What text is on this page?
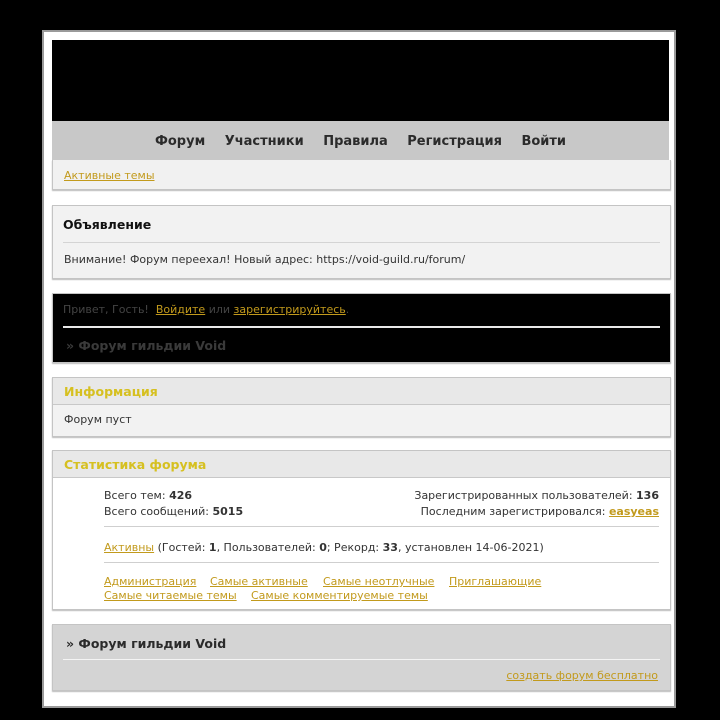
Форум Участники Правила Регистрация Войти
Активные темы
Объявление
Внимание! Форум переехал! Новый адрес: https://void-guild.ru/forum/
Привет, Гость! Войдите или зарегистрируйтесь.
» Форум гильдии Void
Информация
Форум пуст
Статистика форума
Всего тем: 426
Всего сообщений: 5015
Зарегистрированных пользователей: 136
Последним зарегистрировался: easyeas
Активны (Гостей: 1, Пользователей: 0; Рекорд: 33, установлен 14-06-2021)
Администрация Самые активные Самые неотлучные Приглашающие
Самые читаемые темы Самые комментируемые темы
» Форум гильдии Void
создать форум бесплатно
